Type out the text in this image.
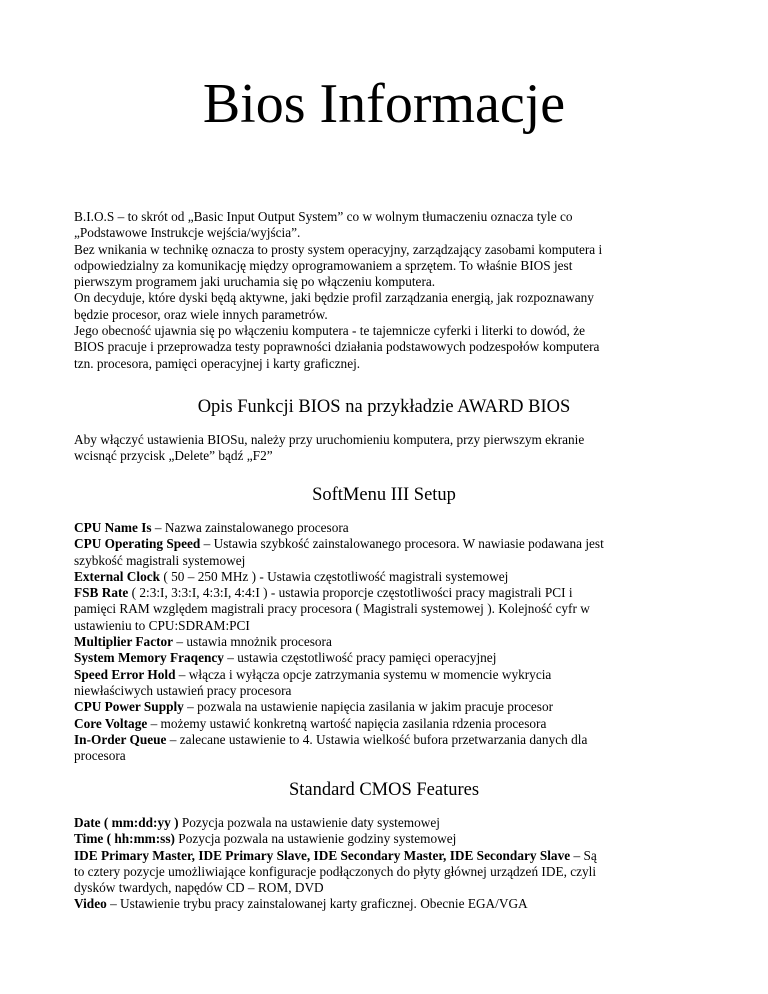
Bios Informacje

B.I.O.S – to skrót od „Basic Input Output System” co w wolnym tłumaczeniu oznacza tyle co

„Podstawowe Instrukcje wejścia/wyjścia”.

Bez wnikania w technikę oznacza to prosty system operacyjny, zarządzający zasobami komputera i

odpowiedzialny za komunikację między oprogramowaniem a sprzętem. To właśnie BIOS jest

pierwszym programem jaki uruchamia się po włączeniu komputera.

On decyduje, które dyski będą aktywne, jaki będzie profil zarządzania energią, jak rozpoznawany

będzie procesor, oraz wiele innych parametrów.

Jego obecność ujawnia się po włączeniu komputera - te tajemnicze cyferki i literki to dowód, że

BIOS pracuje i przeprowadza testy poprawności działania podstawowych podzespołów komputera

tzn. procesora, pamięci operacyjnej i karty graficznej.

Opis Funkcji BIOS na przykładzie AWARD BIOS

Aby włączyć ustawienia BIOSu, należy przy uruchomieniu komputera, przy pierwszym ekranie

wcisnąć przycisk „Delete” bądź „F2”

SoftMenu III Setup

CPU Name Is – Nazwa zainstalowanego procesora

CPU Operating Speed – Ustawia szybkość zainstalowanego procesora. W nawiasie podawana jest

szybkość magistrali systemowej

External Clock ( 50 – 250 MHz ) - Ustawia częstotliwość magistrali systemowej

FSB Rate ( 2:3:I, 3:3:I, 4:3:I, 4:4:I ) - ustawia proporcje częstotliwości pracy magistrali PCI i

pamięci RAM względem magistrali pracy procesora ( Magistrali systemowej ). Kolejność cyfr w

ustawieniu to CPU:SDRAM:PCI

Multiplier Factor – ustawia mnożnik procesora

System Memory Fraqency – ustawia częstotliwość pracy pamięci operacyjnej

Speed Error Hold – włącza i wyłącza opcje zatrzymania systemu w momencie wykrycia

niewłaściwych ustawień pracy procesora

CPU Power Supply – pozwala na ustawienie napięcia zasilania w jakim pracuje procesor

Core Voltage – możemy ustawić konkretną wartość napięcia zasilania rdzenia procesora

In-Order Queue – zalecane ustawienie to 4. Ustawia wielkość bufora przetwarzania danych dla

procesora

Standard CMOS Features

Date ( mm:dd:yy ) Pozycja pozwala na ustawienie daty systemowej

Time ( hh:mm:ss) Pozycja pozwala na ustawienie godziny systemowej

IDE Primary Master, IDE Primary Slave, IDE Secondary Master, IDE Secondary Slave – Są

to cztery pozycje umożliwiające konfiguracje podłączonych do płyty głównej urządzeń IDE, czyli

dysków twardych, napędów CD – ROM, DVD

Video – Ustawienie trybu pracy zainstalowanej karty graficznej. Obecnie EGA/VGA
